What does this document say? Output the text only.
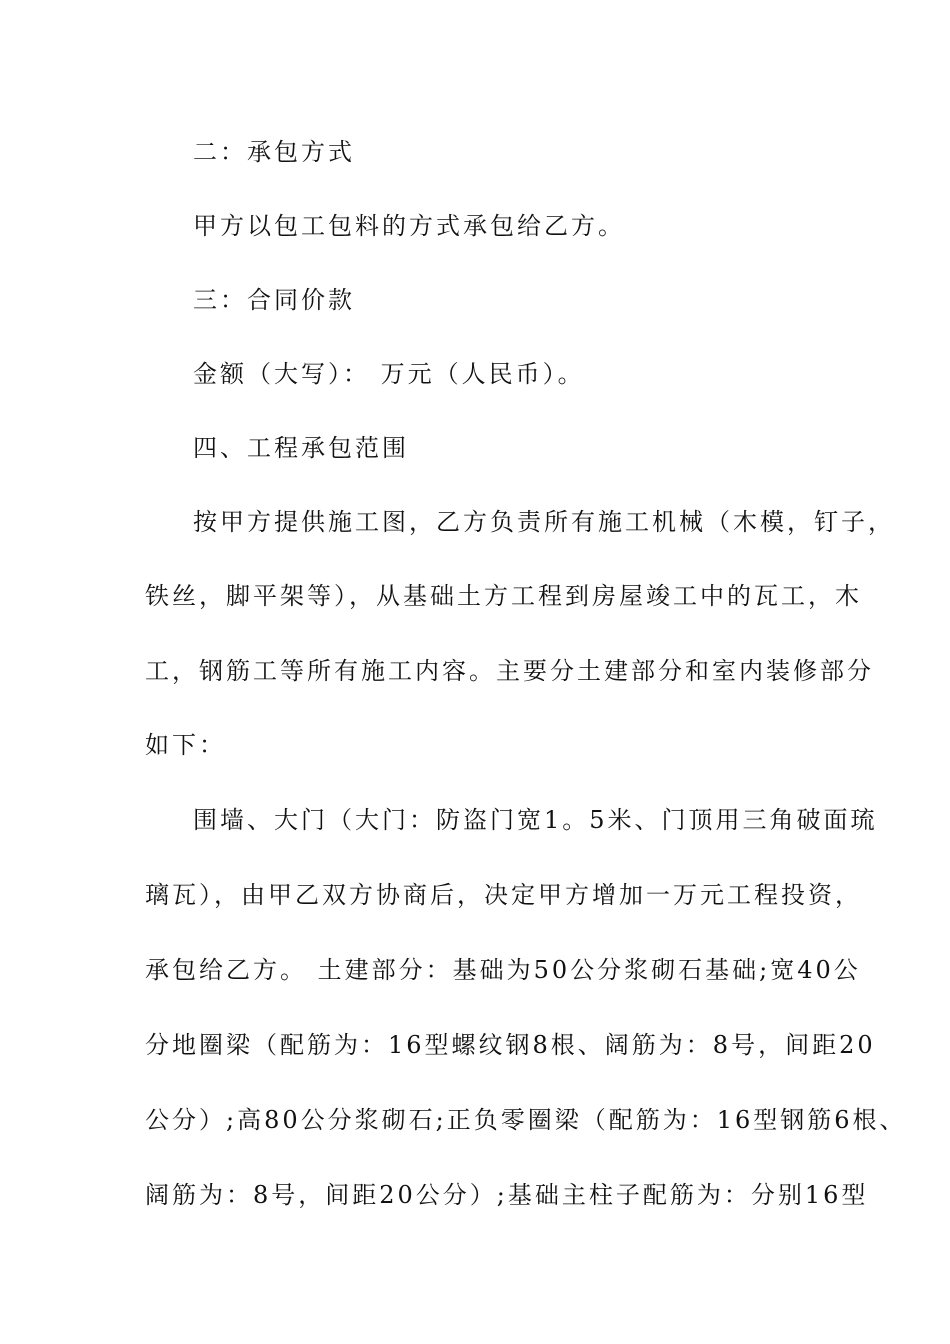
二：承包方式
甲方以包工包料的方式承包给乙方。
三：合同价款
金额（大写）： 万元（人民币）。
四、工程承包范围
按甲方提供施工图，乙方负责所有施工机械（木模，钉子，
铁丝，脚平架等），从基础土方工程到房屋竣工中的瓦工，木
工，钢筋工等所有施工内容。主要分土建部分和室内装修部分
如下：
围墙、大门（大门：防盗门宽1。5米、门顶用三角破面琉
璃瓦），由甲乙双方协商后，决定甲方增加一万元工程投资，
承包给乙方。 土建部分：基础为50公分浆砌石基础;宽40公
分地圈梁（配筋为：16型螺纹钢8根、阔筋为：8号，间距20
公分）;高80公分浆砌石;正负零圈梁（配筋为：16型钢筋6根、
阔筋为：8号，间距20公分）;基础主柱子配筋为：分别16型
